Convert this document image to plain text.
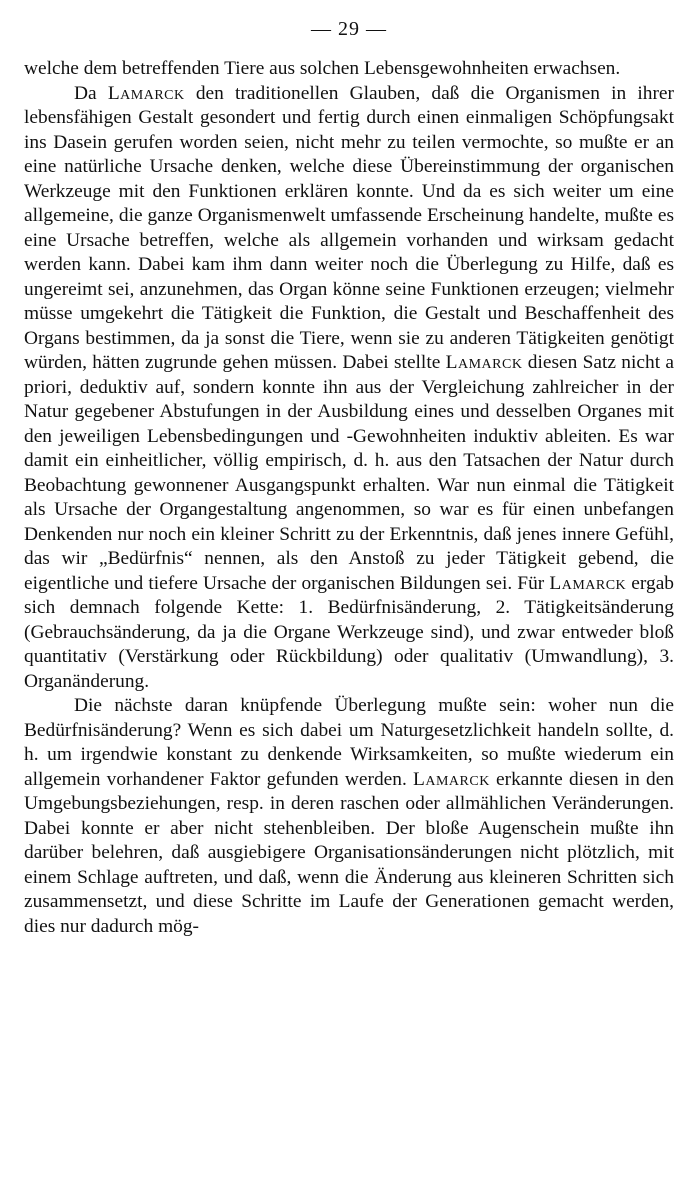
— 29 —

welche dem betreffenden Tiere aus solchen Lebensgewohnheiten erwachsen.

Da Lamarck den traditionellen Glauben, daß die Organismen in ihrer lebensfähigen Gestalt gesondert und fertig durch einen einmaligen Schöpfungsakt ins Dasein gerufen worden seien, nicht mehr zu teilen vermochte, so mußte er an eine natürliche Ursache denken, welche diese Übereinstimmung der organischen Werkzeuge mit den Funktionen erklären konnte. Und da es sich weiter um eine allgemeine, die ganze Organismenwelt umfassende Erscheinung handelte, mußte es eine Ursache betreffen, welche als allgemein vorhanden und wirksam gedacht werden kann. Dabei kam ihm dann weiter noch die Überlegung zu Hilfe, daß es ungereimt sei, anzunehmen, das Organ könne seine Funktionen erzeugen; vielmehr müsse umgekehrt die Tätigkeit die Funktion, die Gestalt und Beschaffenheit des Organs bestimmen, da ja sonst die Tiere, wenn sie zu anderen Tätigkeiten genötigt würden, hätten zugrunde gehen müssen. Dabei stellte Lamarck diesen Satz nicht a priori, deduktiv auf, sondern konnte ihn aus der Vergleichung zahlreicher in der Natur gegebener Abstufungen in der Ausbildung eines und desselben Organes mit den jeweiligen Lebensbedingungen und -Gewohnheiten induktiv ableiten. Es war damit ein einheitlicher, völlig empirisch, d. h. aus den Tatsachen der Natur durch Beobachtung gewonnener Ausgangspunkt erhalten. War nun einmal die Tätigkeit als Ursache der Organgestaltung angenommen, so war es für einen unbefangen Denkenden nur noch ein kleiner Schritt zu der Erkenntnis, daß jenes innere Gefühl, das wir „Bedürfnis“ nennen, als den Anstoß zu jeder Tätigkeit gebend, die eigentliche und tiefere Ursache der organischen Bildungen sei. Für Lamarck ergab sich demnach folgende Kette: 1. Bedürfnisänderung, 2. Tätigkeitsänderung (Gebrauchsänderung, da ja die Organe Werkzeuge sind), und zwar entweder bloß quantitativ (Verstärkung oder Rückbildung) oder qualitativ (Umwandlung), 3. Organänderung.

Die nächste daran knüpfende Überlegung mußte sein: woher nun die Bedürfnisänderung? Wenn es sich dabei um Naturgesetzlichkeit handeln sollte, d. h. um irgendwie konstant zu denkende Wirksamkeiten, so mußte wiederum ein allgemein vorhandener Faktor gefunden werden. Lamarck erkannte diesen in den Umgebungsbeziehungen, resp. in deren raschen oder allmählichen Veränderungen. Dabei konnte er aber nicht stehenbleiben. Der bloße Augenschein mußte ihn darüber belehren, daß ausgiebigere Organisationsänderungen nicht plötzlich, mit einem Schlage auftreten, und daß, wenn die Änderung aus kleineren Schritten sich zusammensetzt, und diese Schritte im Laufe der Generationen gemacht werden, dies nur dadurch mög-
